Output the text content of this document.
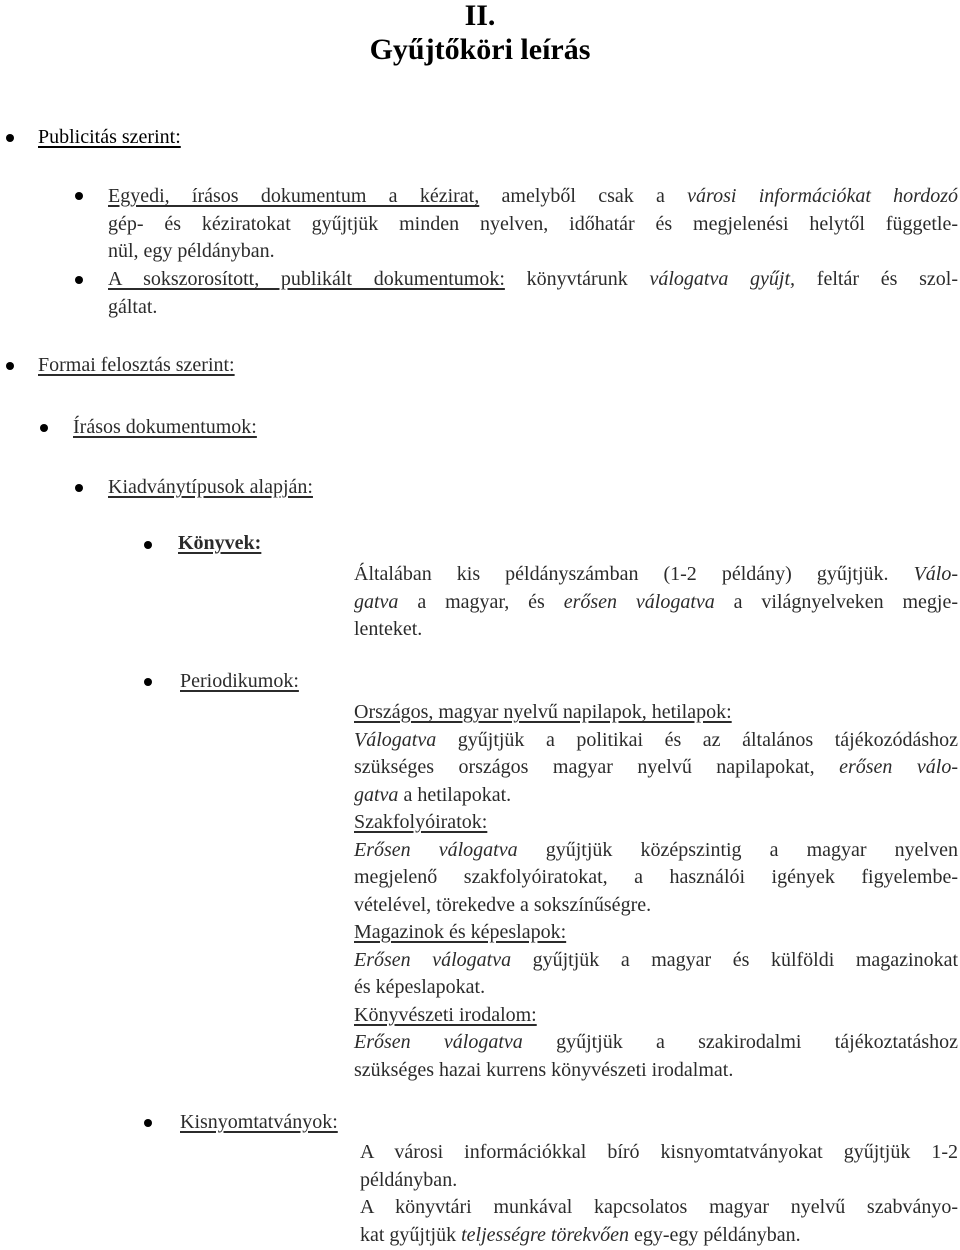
II.
Gyűjtőköri leírás
Publicitás szerint:
Egyedi, írásos dokumentum a kézirat, amelyből csak a városi információkat hordozó
gép- és kéziratokat gyűjtjük minden nyelven, időhatár és megjelenési helytől függetle-
nül, egy példányban.
A sokszorosított, publikált dokumentumok: könyvtárunk válogatva gyűjt, feltár és szol-
gáltat.
Formai felosztás szerint:
Írásos dokumentumok:
Kiadványtípusok alapján:
Könyvek:
Általában kis példányszámban (1-2 példány) gyűjtjük. Válo-
gatva a magyar, és erősen válogatva a világnyelveken megje-
lenteket.
Periodikumok:
Országos, magyar nyelvű napilapok, hetilapok:
Válogatva gyűjtjük a politikai és az általános tájékozódáshoz
szükséges országos magyar nyelvű napilapokat, erősen válo-
gatva a hetilapokat.
Szakfolyóiratok:
Erősen válogatva gyűjtjük középszintig a magyar nyelven
megjelenő szakfolyóiratokat, a használói igények figyelembe-
vételével, törekedve a sokszínűségre.
Magazinok és képeslapok:
Erősen válogatva gyűjtjük a magyar és külföldi magazinokat
és képeslapokat.
Könyvészeti irodalom:
Erősen válogatva gyűjtjük a szakirodalmi tájékoztatáshoz
szükséges hazai kurrens könyvészeti irodalmat.
Kisnyomtatványok:
A városi információkkal bíró kisnyomtatványokat gyűjtjük 1-2
példányban.
A könyvtári munkával kapcsolatos magyar nyelvű szabványo-
kat gyűjtjük teljességre törekvően egy-egy példányban.
